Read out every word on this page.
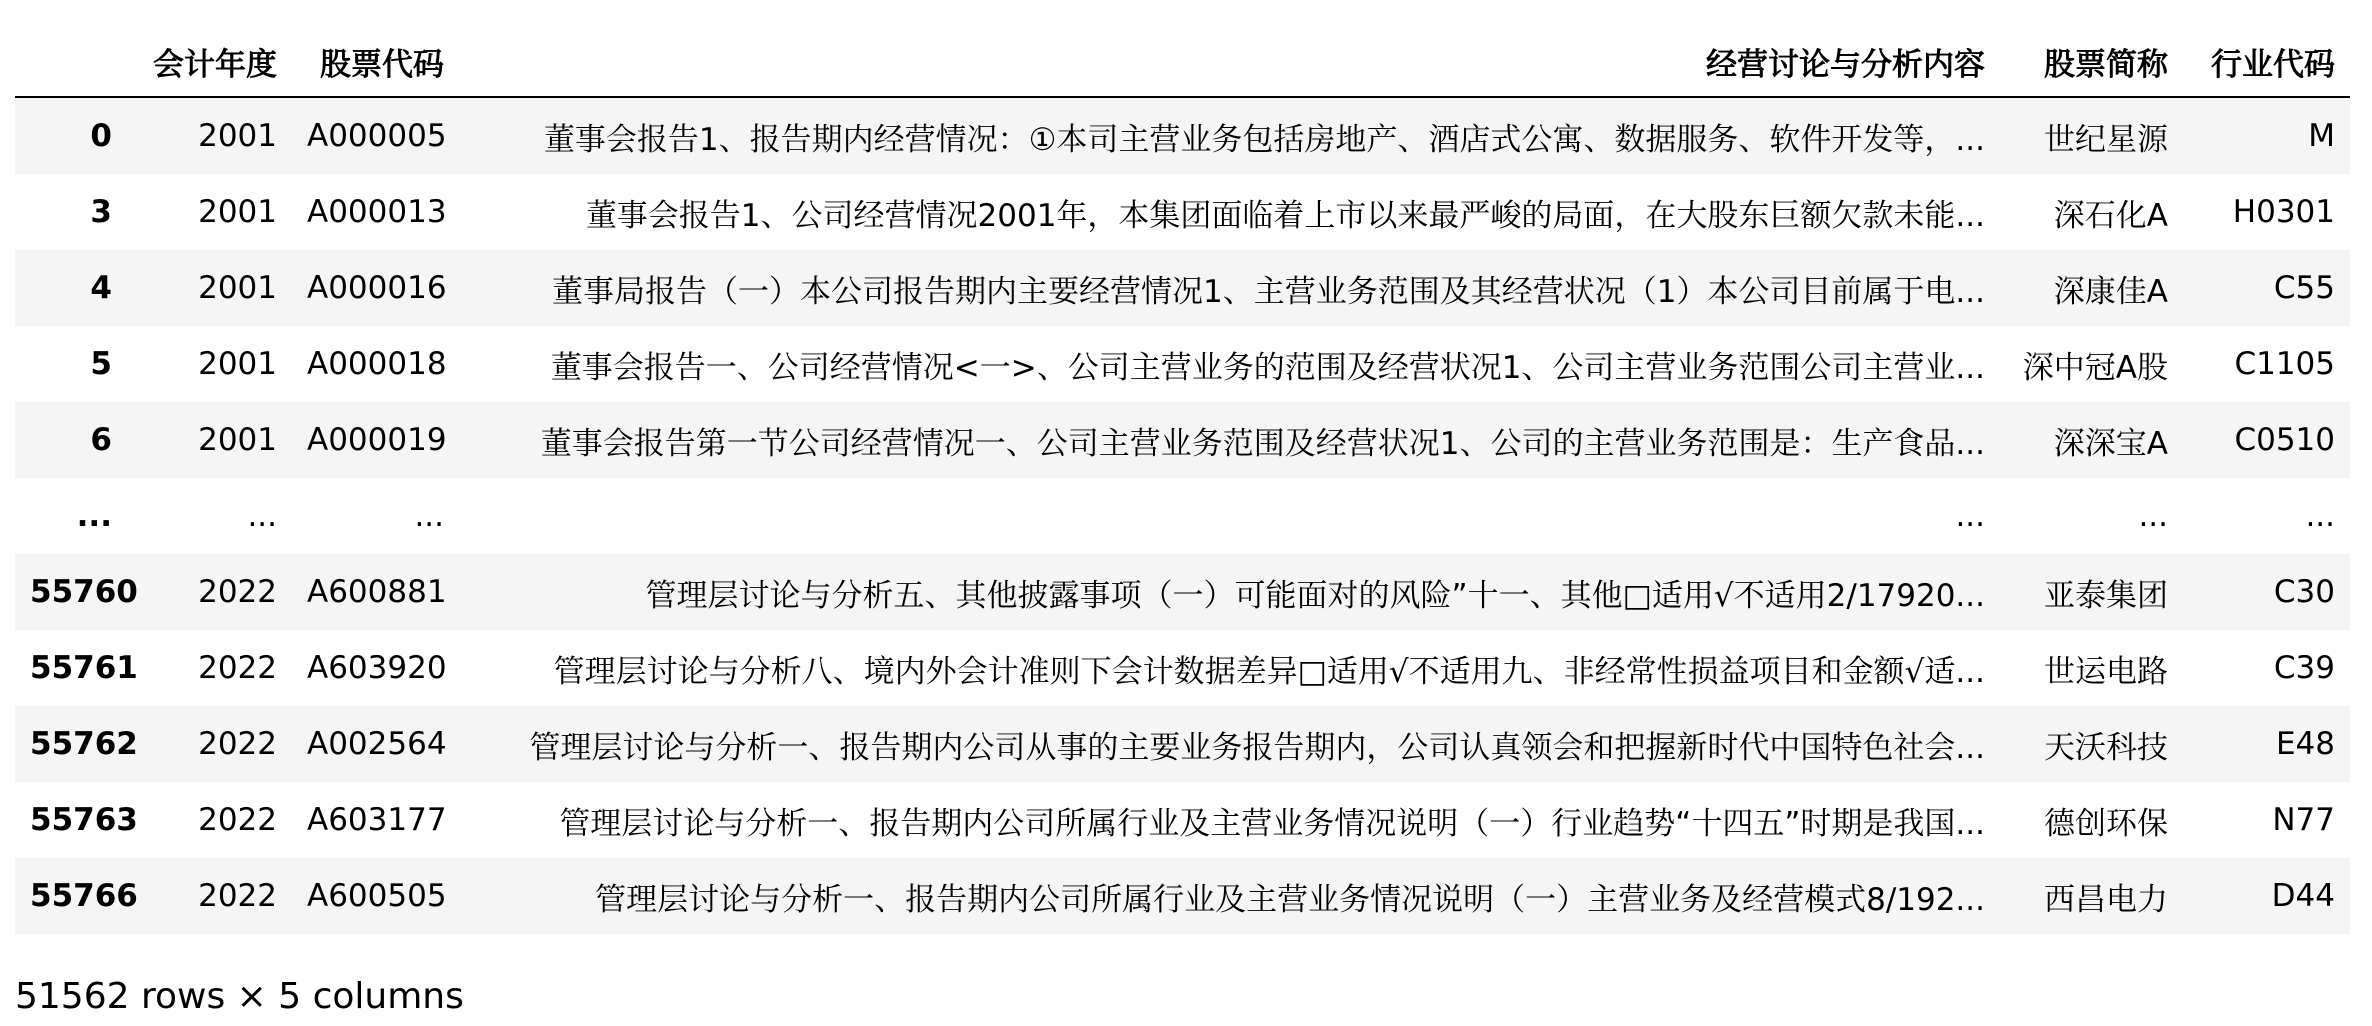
	会计年度	股票代码	经营讨论与分析内容	股票简称	行业代码
0	2001	A000005	董事会报告1、报告期内经营情况：①本司主营业务包括房地产、酒店式公寓、数据服务、软件开发等，...	世纪星源	M
3	2001	A000013	董事会报告1、公司经营情况2001年，本集团面临着上市以来最严峻的局面，在大股东巨额欠款未能...	深石化A	H0301
4	2001	A000016	董事局报告（一）本公司报告期内主要经营情况1、主营业务范围及其经营状况（1）本公司目前属于电...	深康佳A	C55
5	2001	A000018	董事会报告一、公司经营情况<一>、公司主营业务的范围及经营状况1、公司主营业务范围公司主营业...	深中冠A股	C1105
6	2001	A000019	董事会报告第一节公司经营情况一、公司主营业务范围及经营状况1、公司的主营业务范围是：生产食品...	深深宝A	C0510
...	...	...	...	...	...
55760	2022	A600881	管理层讨论与分析五、其他披露事项（一）可能面对的风险”十一、其他□适用√不适用2/17920...	亚泰集团	C30
55761	2022	A603920	管理层讨论与分析八、境内外会计准则下会计数据差异□适用√不适用九、非经常性损益项目和金额√适...	世运电路	C39
55762	2022	A002564	管理层讨论与分析一、报告期内公司从事的主要业务报告期内，公司认真领会和把握新时代中国特色社会...	天沃科技	E48
55763	2022	A603177	管理层讨论与分析一、报告期内公司所属行业及主营业务情况说明（一）行业趋势“十四五”时期是我国...	德创环保	N77
55766	2022	A600505	管理层讨论与分析一、报告期内公司所属行业及主营业务情况说明（一）主营业务及经营模式8/192...	西昌电力	D44
51562 rows × 5 columns
